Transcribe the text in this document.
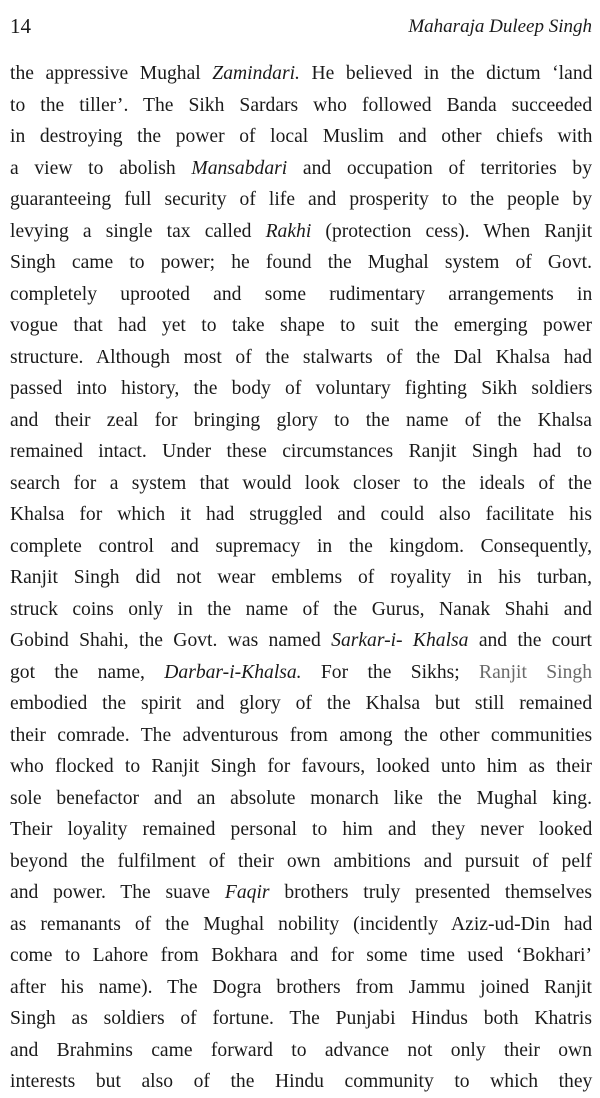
14	Maharaja Duleep Singh
the appressive Mughal Zamindari. He believed in the dictum ‘land
to the tiller’. The Sikh Sardars who followed Banda succeeded
in destroying the power of local Muslim and other chiefs with
a view to abolish Mansabdari and occupation of territories by
guaranteeing full security of life and prosperity to the people by
levying a single tax called Rakhi (protection cess). When Ranjit
Singh came to power; he found the Mughal system of Govt.
completely uprooted and some rudimentary arrangements in
vogue that had yet to take shape to suit the emerging power
structure. Although most of the stalwarts of the Dal Khalsa had
passed into history, the body of voluntary fighting Sikh soldiers
and their zeal for bringing glory to the name of the Khalsa
remained intact. Under these circumstances Ranjit Singh had to
search for a system that would look closer to the ideals of the
Khalsa for which it had struggled and could also facilitate his
complete control and supremacy in the kingdom. Consequently,
Ranjit Singh did not wear emblems of royality in his turban,
struck coins only in the name of the Gurus, Nanak Shahi and
Gobind Shahi, the Govt. was named Sarkar-i- Khalsa and the court
got the name, Darbar-i-Khalsa. For the Sikhs; Ranjit Singh
embodied the spirit and glory of the Khalsa but still remained
their comrade. The adventurous from among the other communities
who flocked to Ranjit Singh for favours, looked unto him as their
sole benefactor and an absolute monarch like the Mughal king.
Their loyality remained personal to him and they never looked
beyond the fulfilment of their own ambitions and pursuit of pelf
and power. The suave Faqir brothers truly presented themselves
as remanants of the Mughal nobility (incidently Aziz-ud-Din had
come to Lahore from Bokhara and for some time used ‘Bokhari’
after his name). The Dogra brothers from Jammu joined Ranjit
Singh as soldiers of fortune. The Punjabi Hindus both Khatris
and Brahmins came forward to advance not only their own
interests but also of the Hindu community to which they
